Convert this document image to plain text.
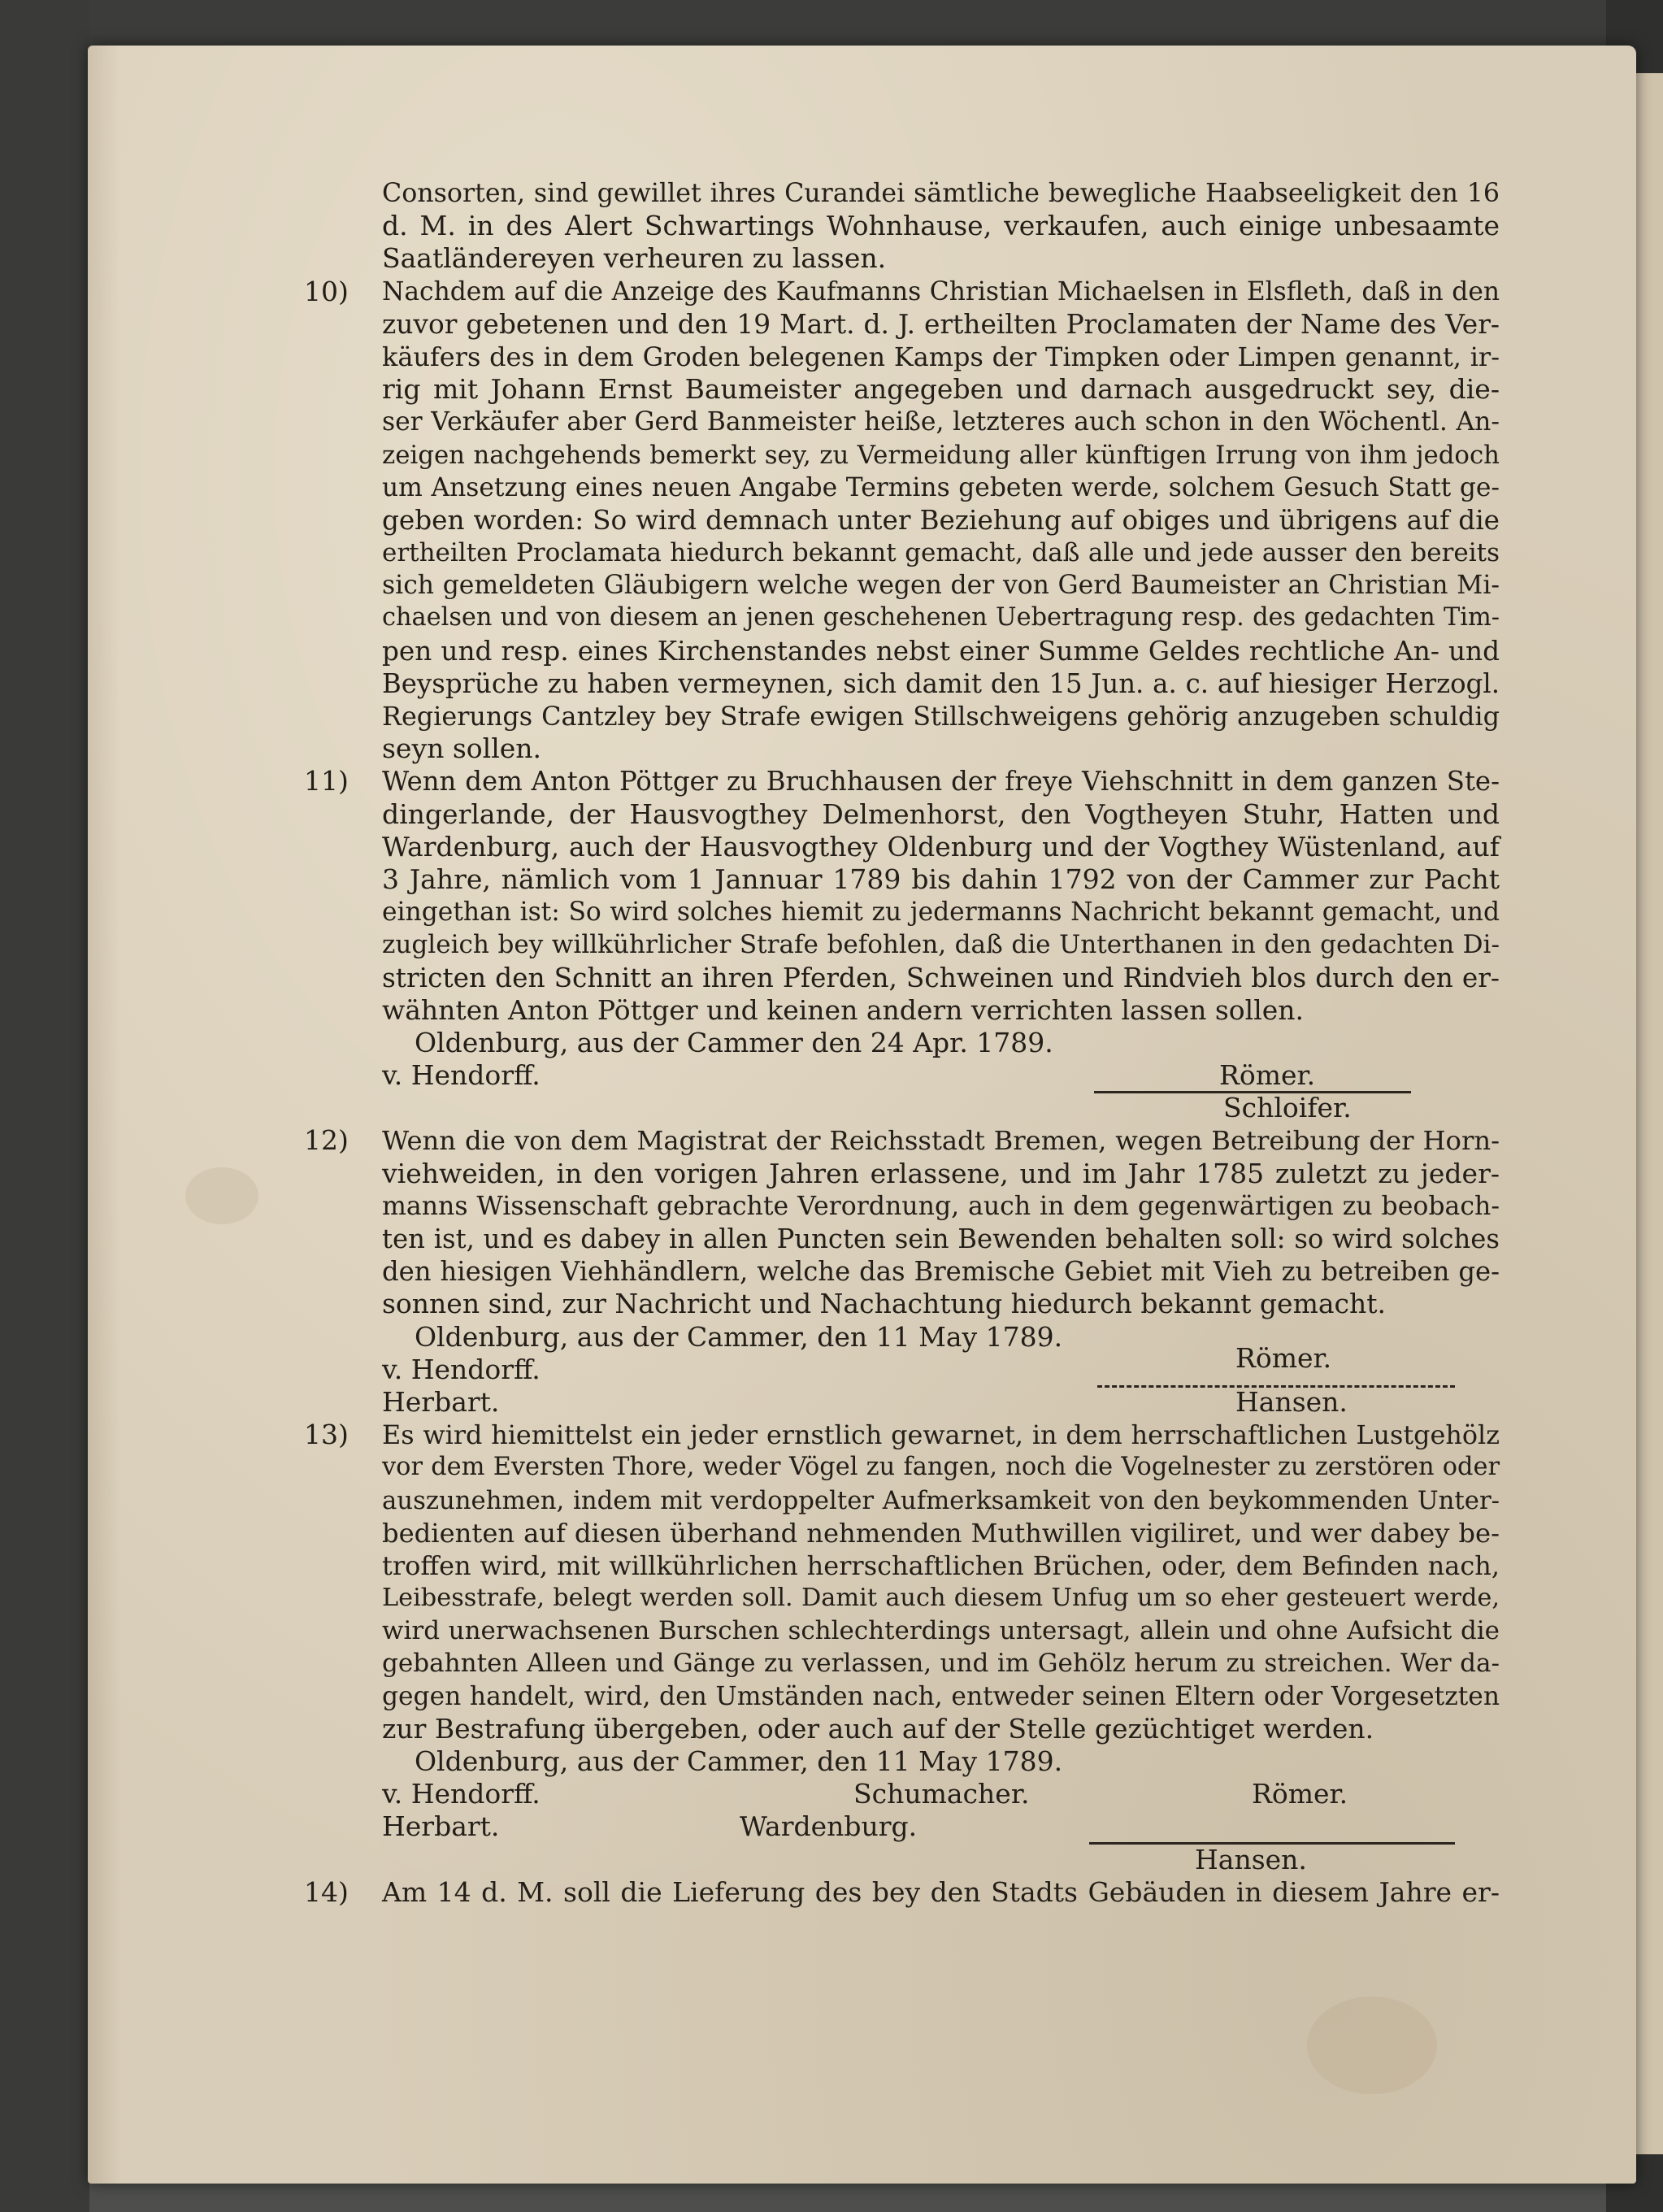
Consorten, sind gewillet ihres Curandei sämtliche bewegliche Haabseeligkeit den 16
d. M. in des Alert Schwartings Wohnhause, verkaufen, auch einige unbesaamte
Saatländereyen verheuren zu lassen.
10)	Nachdem auf die Anzeige des Kaufmanns Christian Michaelsen in Elsfleth, daß in den
zuvor gebetenen und den 19 Mart. d. J. ertheilten Proclamaten der Name des Ver-
käufers des in dem Groden belegenen Kamps der Timpken oder Limpen genannt, ir-
rig mit Johann Ernst Baumeister angegeben und darnach ausgedruckt sey, die-
ser Verkäufer aber Gerd Banmeister heiße, letzteres auch schon in den Wöchentl. An-
zeigen nachgehends bemerkt sey, zu Vermeidung aller künftigen Irrung von ihm jedoch
um Ansetzung eines neuen Angabe Termins gebeten werde, solchem Gesuch Statt ge-
geben worden: So wird demnach unter Beziehung auf obiges und übrigens auf die
ertheilten Proclamata hiedurch bekannt gemacht, daß alle und jede ausser den bereits
sich gemeldeten Gläubigern welche wegen der von Gerd Baumeister an Christian Mi-
chaelsen und von diesem an jenen geschehenen Uebertragung resp. des gedachten Tim-
pen und resp. eines Kirchenstandes nebst einer Summe Geldes rechtliche An- und
Beysprüche zu haben vermeynen, sich damit den 15 Jun. a. c. auf hiesiger Herzogl.
Regierungs Cantzley bey Strafe ewigen Stillschweigens gehörig anzugeben schuldig
seyn sollen.
11)	Wenn dem Anton Pöttger zu Bruchhausen der freye Viehschnitt in dem ganzen Ste-
dingerlande, der Hausvogthey Delmenhorst, den Vogtheyen Stuhr, Hatten und
Wardenburg, auch der Hausvogthey Oldenburg und der Vogthey Wüstenland, auf
3 Jahre, nämlich vom 1 Jannuar 1789 bis dahin 1792 von der Cammer zur Pacht
eingethan ist: So wird solches hiemit zu jedermanns Nachricht bekannt gemacht, und
zugleich bey willkührlicher Strafe befohlen, daß die Unterthanen in den gedachten Di-
stricten den Schnitt an ihren Pferden, Schweinen und Rindvieh blos durch den er-
wähnten Anton Pöttger und keinen andern verrichten lassen sollen.
Oldenburg, aus der Cammer den 24 Apr. 1789.
v. Hendorff.	Römer.
Schloifer.
12)	Wenn die von dem Magistrat der Reichsstadt Bremen, wegen Betreibung der Horn-
viehweiden, in den vorigen Jahren erlassene, und im Jahr 1785 zuletzt zu jeder-
manns Wissenschaft gebrachte Verordnung, auch in dem gegenwärtigen zu beobach-
ten ist, und es dabey in allen Puncten sein Bewenden behalten soll: so wird solches
den hiesigen Viehhändlern, welche das Bremische Gebiet mit Vieh zu betreiben ge-
sonnen sind, zur Nachricht und Nachachtung hiedurch bekannt gemacht.
Oldenburg, aus der Cammer, den 11 May 1789.
v. Hendorff.	Römer.
Herbart.	Hansen.
13)	Es wird hiemittelst ein jeder ernstlich gewarnet, in dem herrschaftlichen Lustgehölz
vor dem Eversten Thore, weder Vögel zu fangen, noch die Vogelnester zu zerstören oder
auszunehmen, indem mit verdoppelter Aufmerksamkeit von den beykommenden Unter-
bedienten auf diesen überhand nehmenden Muthwillen vigiliret, und wer dabey be-
troffen wird, mit willkührlichen herrschaftlichen Brüchen, oder, dem Befinden nach,
Leibesstrafe, belegt werden soll. Damit auch diesem Unfug um so eher gesteuert werde,
wird unerwachsenen Burschen schlechterdings untersagt, allein und ohne Aufsicht die
gebahnten Alleen und Gänge zu verlassen, und im Gehölz herum zu streichen. Wer da-
gegen handelt, wird, den Umständen nach, entweder seinen Eltern oder Vorgesetzten
zur Bestrafung übergeben, oder auch auf der Stelle gezüchtiget werden.
Oldenburg, aus der Cammer, den 11 May 1789.
v. Hendorff.	Schumacher.	Römer.
Herbart.	Wardenburg.
Hansen.
14)	Am 14 d. M. soll die Lieferung des bey den Stadts Gebäuden in diesem Jahre er-
